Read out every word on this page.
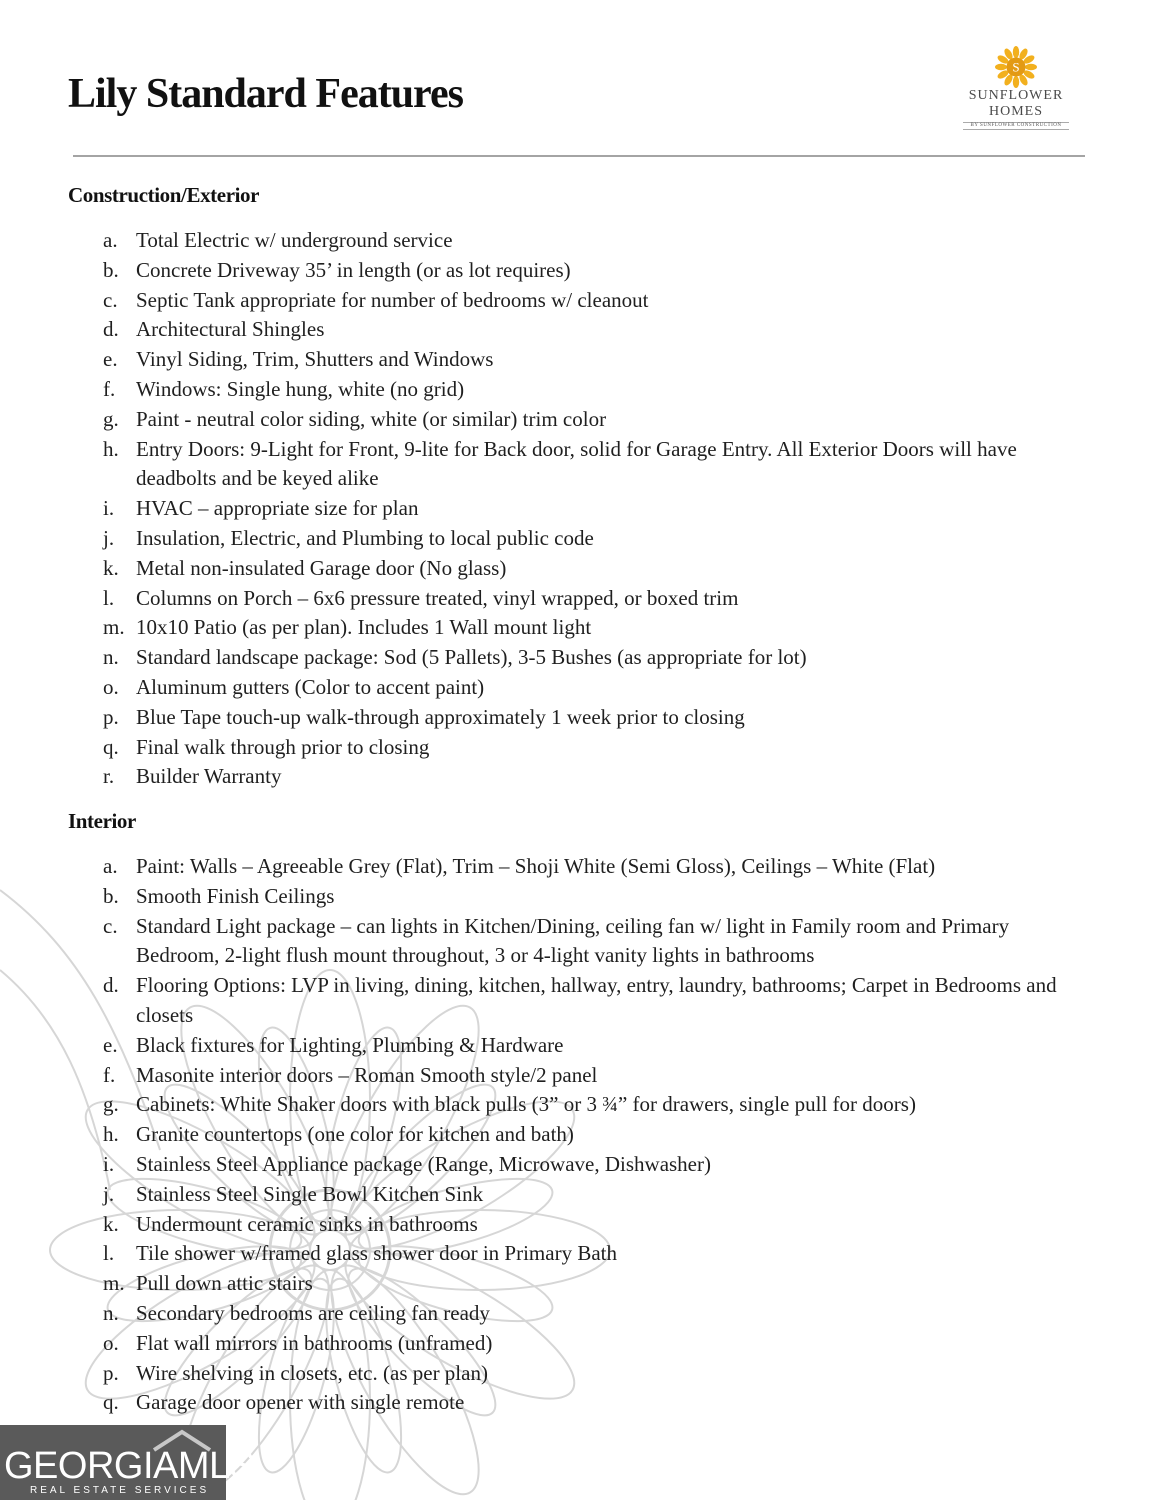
Lily Standard Features
S
SUNFLOWER
HOMES
BY SUNFLOWER CONSTRUCTION
Construction/Exterior
a. Total Electric w/ underground service
b. Concrete Driveway 35’ in length (or as lot requires)
c. Septic Tank appropriate for number of bedrooms w/ cleanout
d. Architectural Shingles
e. Vinyl Siding, Trim, Shutters and Windows
f. Windows: Single hung, white (no grid)
g. Paint - neutral color siding, white (or similar) trim color
h. Entry Doors: 9-Light for Front, 9-lite for Back door, solid for Garage Entry. All Exterior Doors will have deadbolts and be keyed alike
i. HVAC – appropriate size for plan
j. Insulation, Electric, and Plumbing to local public code
k. Metal non-insulated Garage door (No glass)
l. Columns on Porch – 6x6 pressure treated, vinyl wrapped, or boxed trim
m. 10x10 Patio (as per plan). Includes 1 Wall mount light
n. Standard landscape package: Sod (5 Pallets), 3-5 Bushes (as appropriate for lot)
o. Aluminum gutters (Color to accent paint)
p. Blue Tape touch-up walk-through approximately 1 week prior to closing
q. Final walk through prior to closing
r. Builder Warranty
Interior
a. Paint: Walls – Agreeable Grey (Flat), Trim – Shoji White (Semi Gloss), Ceilings – White (Flat)
b. Smooth Finish Ceilings
c. Standard Light package – can lights in Kitchen/Dining, ceiling fan w/ light in Family room and Primary Bedroom, 2-light flush mount throughout, 3 or 4-light vanity lights in bathrooms
d. Flooring Options: LVP in living, dining, kitchen, hallway, entry, laundry, bathrooms; Carpet in Bedrooms and closets
e. Black fixtures for Lighting, Plumbing & Hardware
f. Masonite interior doors – Roman Smooth style/2 panel
g. Cabinets: White Shaker doors with black pulls (3” or 3 ¾” for drawers, single pull for doors)
h. Granite countertops (one color for kitchen and bath)
i. Stainless Steel Appliance package (Range, Microwave, Dishwasher)
j. Stainless Steel Single Bowl Kitchen Sink
k. Undermount ceramic sinks in bathrooms
l. Tile shower w/framed glass shower door in Primary Bath
m. Pull down attic stairs
n. Secondary bedrooms are ceiling fan ready
o. Flat wall mirrors in bathrooms (unframed)
p. Wire shelving in closets, etc. (as per plan)
q. Garage door opener with single remote
GEORGIAMLS
REAL ESTATE SERVICES
